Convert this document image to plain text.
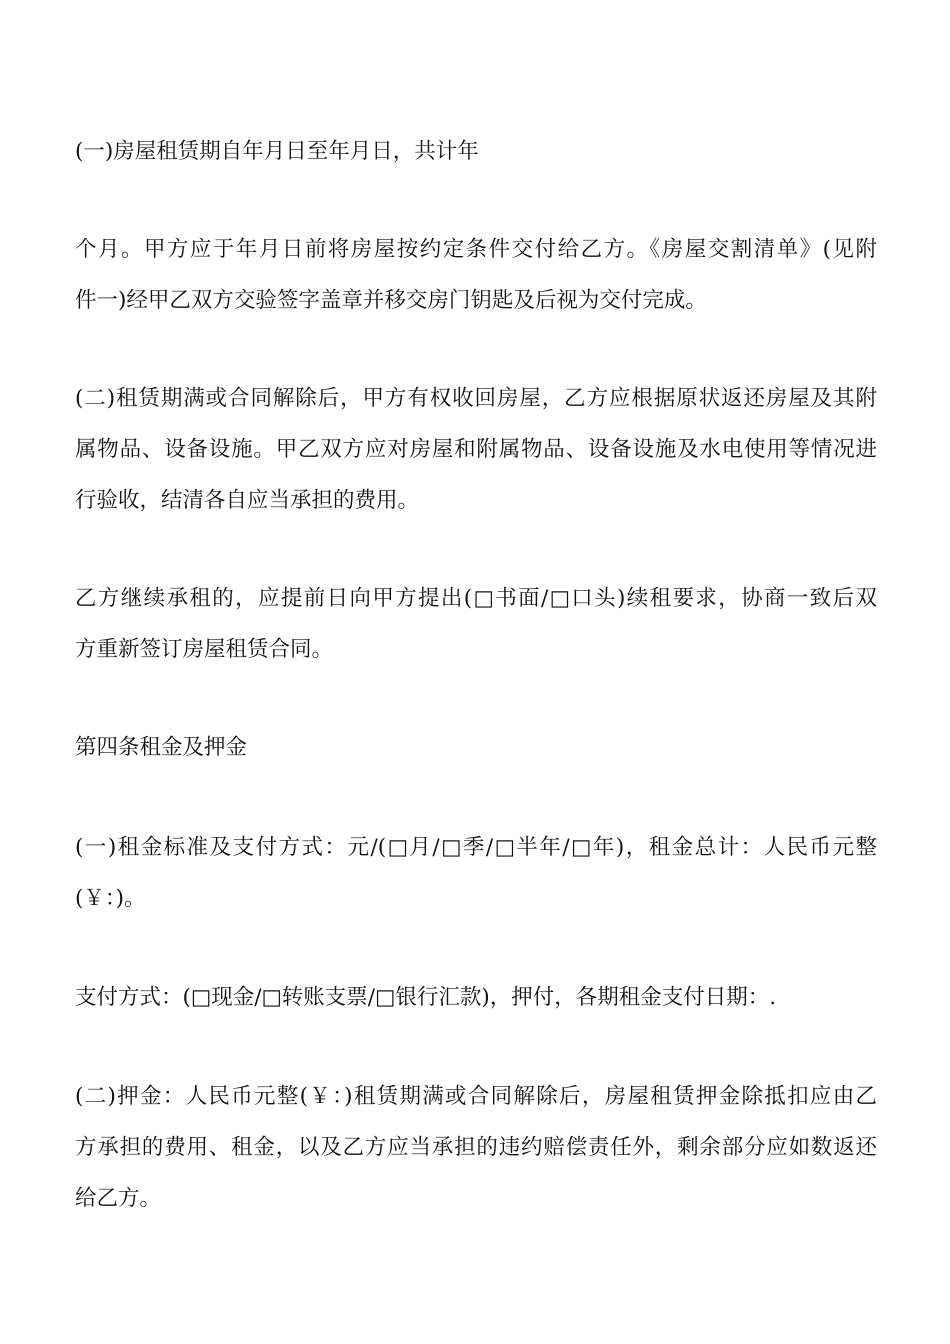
(一)房屋租赁期自年月日至年月日，共计年
个月。甲方应于年月日前将房屋按约定条件交付给乙方。《房屋交割清单》(见附
件一)经甲乙双方交验签字盖章并移交房门钥匙及后视为交付完成。
(二)租赁期满或合同解除后，甲方有权收回房屋，乙方应根据原状返还房屋及其附
属物品、设备设施。甲乙双方应对房屋和附属物品、设备设施及水电使用等情况进
行验收，结清各自应当承担的费用。
乙方继续承租的，应提前日向甲方提出(□书面/□口头)续租要求，协商一致后双
方重新签订房屋租赁合同。
第四条租金及押金
(一)租金标准及支付方式：元/(□月/□季/□半年/□年)，租金总计：人民币元整
(￥：)。
支付方式：(□现金/□转账支票/□银行汇款)，押付，各期租金支付日期：.
(二)押金：人民币元整(￥：)租赁期满或合同解除后，房屋租赁押金除抵扣应由乙
方承担的费用、租金，以及乙方应当承担的违约赔偿责任外，剩余部分应如数返还
给乙方。
